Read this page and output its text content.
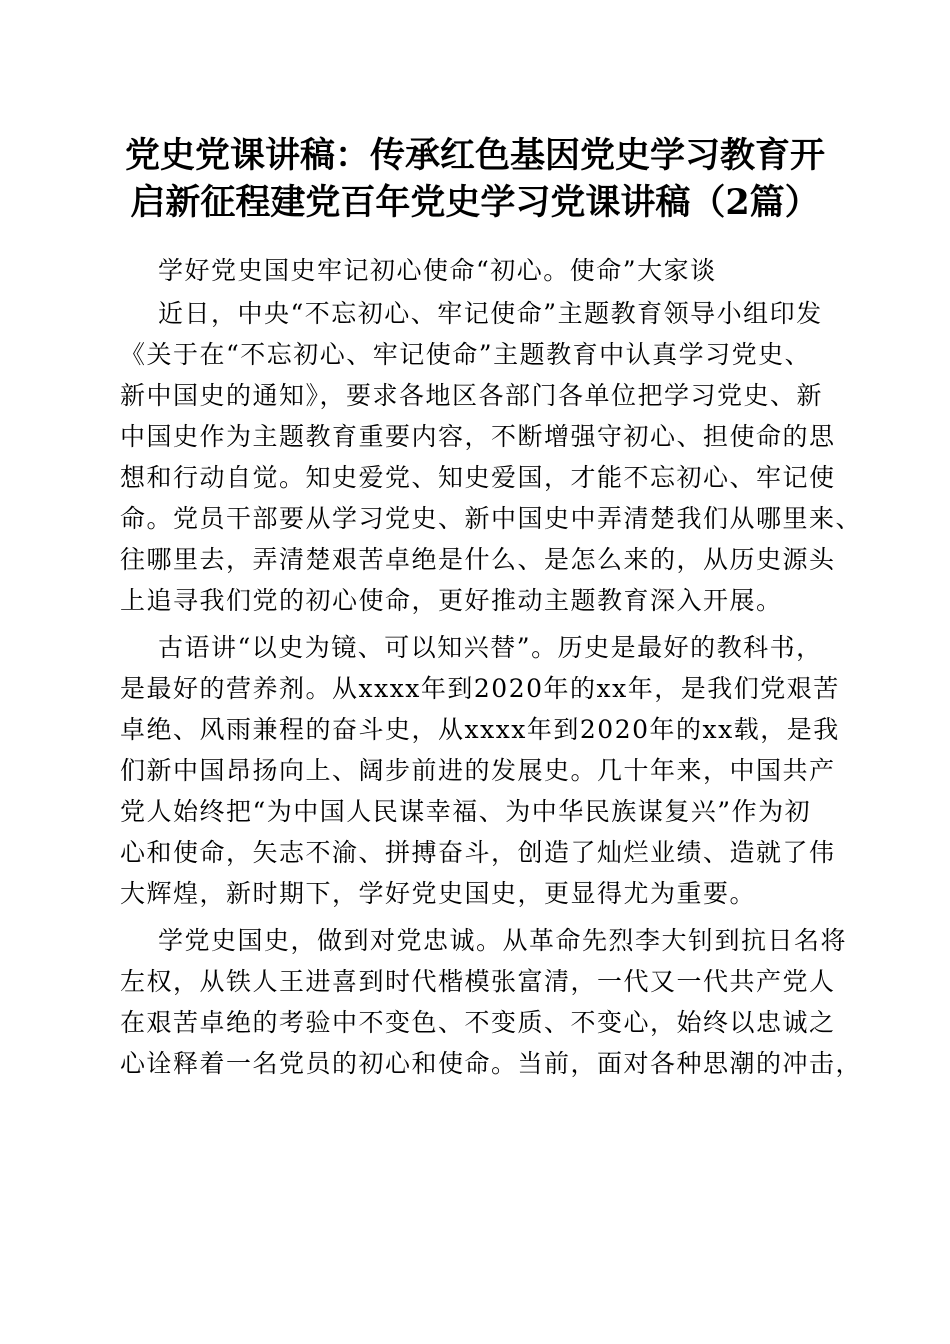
党史党课讲稿：传承红色基因党史学习教育开
启新征程建党百年党史学习党课讲稿（2篇）

学好党史国史牢记初心使命“初心。使命”大家谈

近日，中央“不忘初心、牢记使命”主题教育领导小组印发
《关于在“不忘初心、牢记使命”主题教育中认真学习党史、
新中国史的通知》，要求各地区各部门各单位把学习党史、新
中国史作为主题教育重要内容，不断增强守初心、担使命的思
想和行动自觉。知史爱党、知史爱国，才能不忘初心、牢记使
命。党员干部要从学习党史、新中国史中弄清楚我们从哪里来、
往哪里去，弄清楚艰苦卓绝是什么、是怎么来的，从历史源头
上追寻我们党的初心使命，更好推动主题教育深入开展。

古语讲“以史为镜、可以知兴替”。历史是最好的教科书，
是最好的营养剂。从xxxx年到2020年的xx年，是我们党艰苦
卓绝、风雨兼程的奋斗史，从xxxx年到2020年的xx载，是我
们新中国昂扬向上、阔步前进的发展史。几十年来，中国共产
党人始终把“为中国人民谋幸福、为中华民族谋复兴”作为初
心和使命，矢志不渝、拼搏奋斗，创造了灿烂业绩、造就了伟
大辉煌，新时期下，学好党史国史，更显得尤为重要。

学党史国史，做到对党忠诚。从革命先烈李大钊到抗日名将
左权，从铁人王进喜到时代楷模张富清，一代又一代共产党人
在艰苦卓绝的考验中不变色、不变质、不变心，始终以忠诚之
心诠释着一名党员的初心和使命。当前，面对各种思潮的冲击，
